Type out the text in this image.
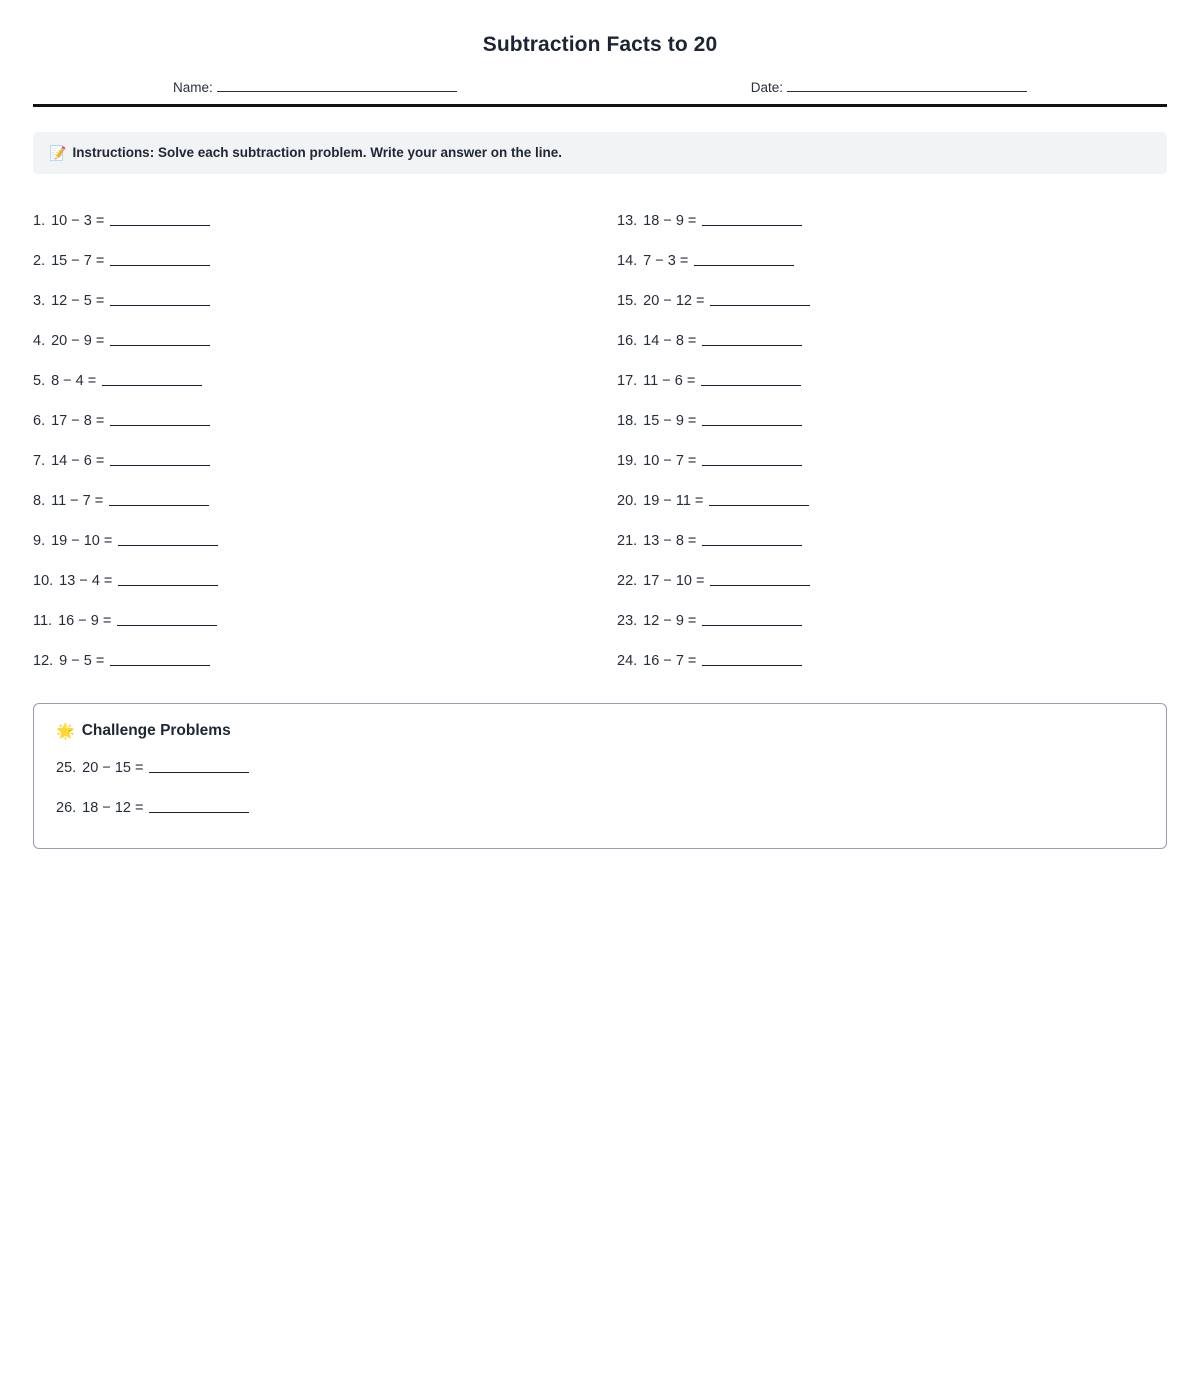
Subtraction Facts to 20
Name:	Date:
📝 Instructions: Solve each subtraction problem. Write your answer on the line.
1. 10 − 3 =
2. 15 − 7 =
3. 12 − 5 =
4. 20 − 9 =
5. 8 − 4 =
6. 17 − 8 =
7. 14 − 6 =
8. 11 − 7 =
9. 19 − 10 =
10. 13 − 4 =
11. 16 − 9 =
12. 9 − 5 =
13. 18 − 9 =
14. 7 − 3 =
15. 20 − 12 =
16. 14 − 8 =
17. 11 − 6 =
18. 15 − 9 =
19. 10 − 7 =
20. 19 − 11 =
21. 13 − 8 =
22. 17 − 10 =
23. 12 − 9 =
24. 16 − 7 =
🌟 Challenge Problems
25. 20 − 15 =
26. 18 − 12 =
